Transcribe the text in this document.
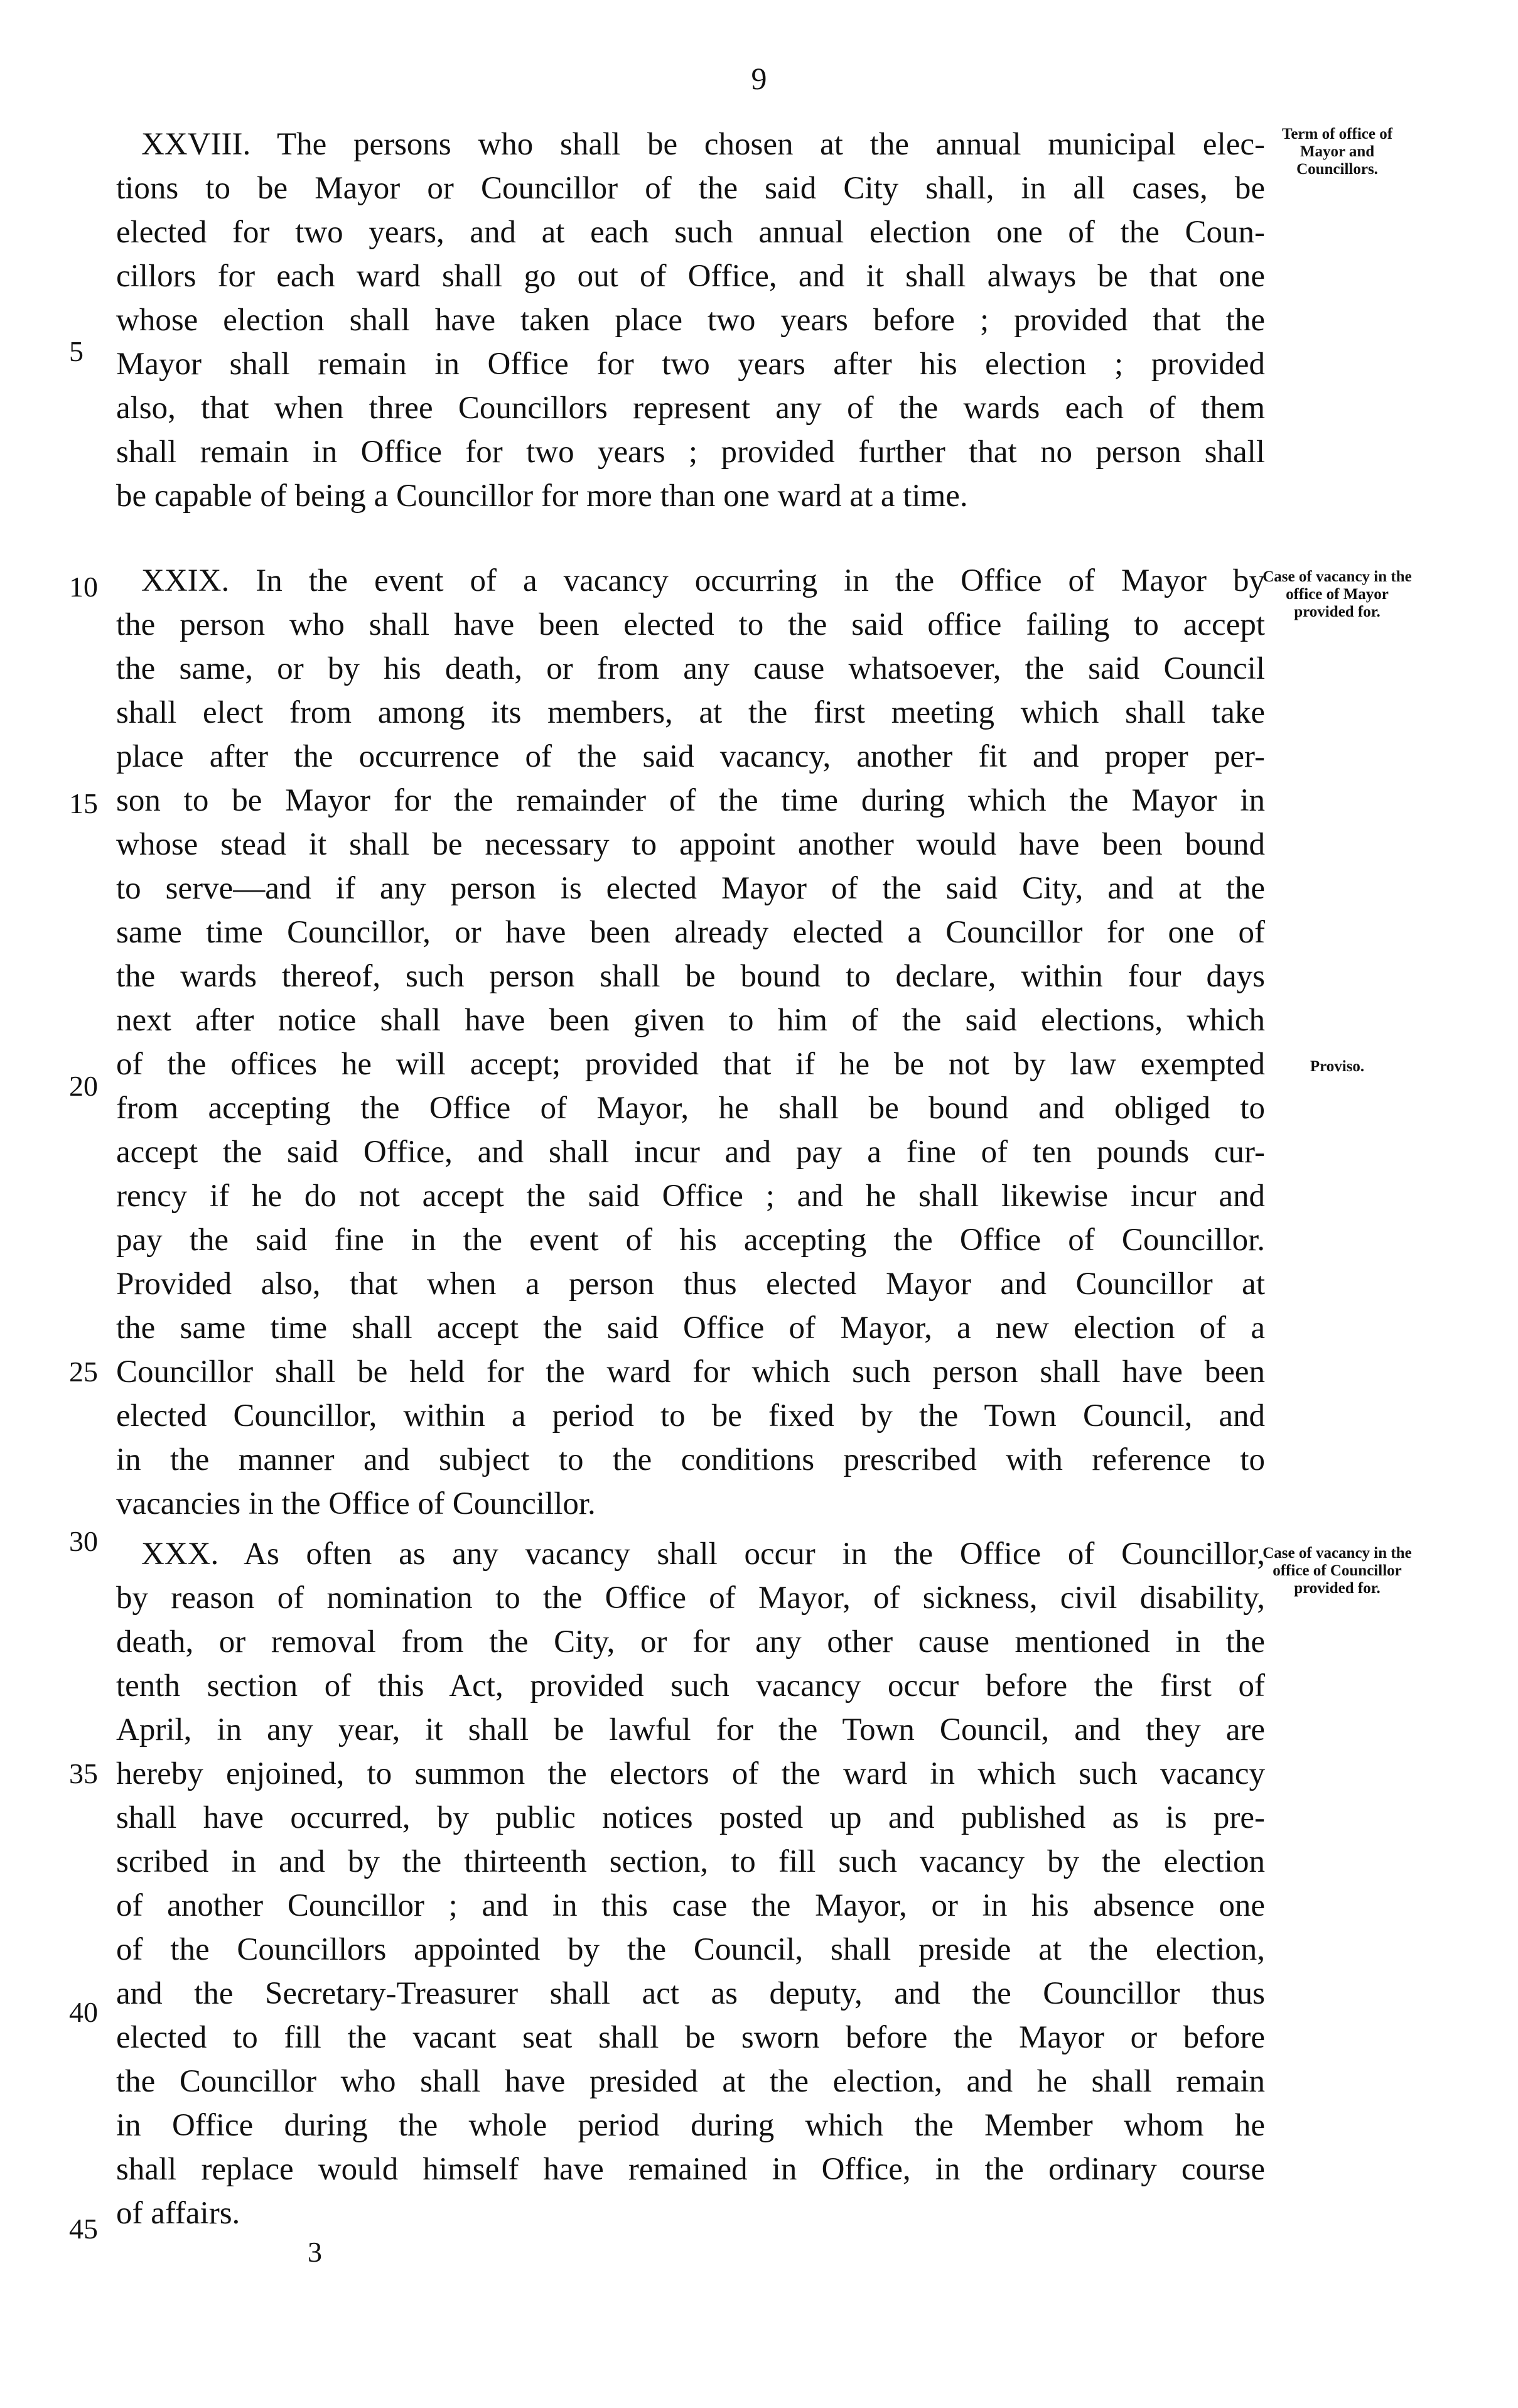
9
XXVIII. The persons who shall be chosen at the annual municipal elec-
tions to be Mayor or Councillor of the said City shall, in all cases, be
elected for two years, and at each such annual election one of the Coun-
cillors for each ward shall go out of Office, and it shall always be that one
whose election shall have taken place two years before ; provided that the
Mayor shall remain in Office for two years after his election ; provided
also, that when three Councillors represent any of the wards each of them
shall remain in Office for two years ; provided further that no person shall
be capable of being a Councillor for more than one ward at a time.
XXIX. In the event of a vacancy occurring in the Office of Mayor by
the person who shall have been elected to the said office failing to accept
the same, or by his death, or from any cause whatsoever, the said Council
shall elect from among its members, at the first meeting which shall take
place after the occurrence of the said vacancy, another fit and proper per-
son to be Mayor for the remainder of the time during which the Mayor in
whose stead it shall be necessary to appoint another would have been bound
to serve—and if any person is elected Mayor of the said City, and at the
same time Councillor, or have been already elected a Councillor for one of
the wards thereof, such person shall be bound to declare, within four days
next after notice shall have been given to him of the said elections, which
of the offices he will accept; provided that if he be not by law exempted
from accepting the Office of Mayor, he shall be bound and obliged to
accept the said Office, and shall incur and pay a fine of ten pounds cur-
rency if he do not accept the said Office ; and he shall likewise incur and
pay the said fine in the event of his accepting the Office of Councillor.
Provided also, that when a person thus elected Mayor and Councillor at
the same time shall accept the said Office of Mayor, a new election of a
Councillor shall be held for the ward for which such person shall have been
elected Councillor, within a period to be fixed by the Town Council, and
in the manner and subject to the conditions prescribed with reference to
vacancies in the Office of Councillor.
XXX. As often as any vacancy shall occur in the Office of Councillor,
by reason of nomination to the Office of Mayor, of sickness, civil disability,
death, or removal from the City, or for any other cause mentioned in the
tenth section of this Act, provided such vacancy occur before the first of
April, in any year, it shall be lawful for the Town Council, and they are
hereby enjoined, to summon the electors of the ward in which such vacancy
shall have occurred, by public notices posted up and published as is pre-
scribed in and by the thirteenth section, to fill such vacancy by the election
of another Councillor ; and in this case the Mayor, or in his absence one
of the Councillors appointed by the Council, shall preside at the election,
and the Secretary-Treasurer shall act as deputy, and the Councillor thus
elected to fill the vacant seat shall be sworn before the Mayor or before
the Councillor who shall have presided at the election, and he shall remain
in Office during the whole period during which the Member whom he
shall replace would himself have remained in Office, in the ordinary course
of affairs.
5
10
15
20
25
30
35
40
45
Term of office of Mayor and Councillors.
Case of vacancy in the office of Mayor provided for.
Proviso.
Case of vacancy in the office of Councillor provided for.
3
